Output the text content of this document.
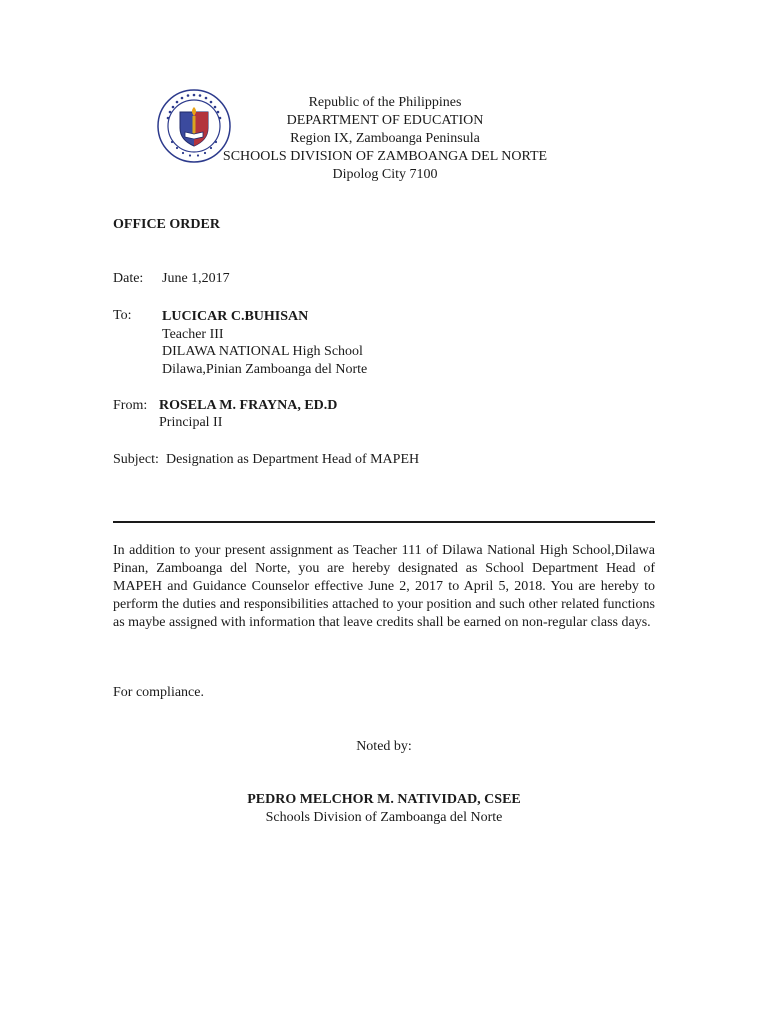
Republic of the Philippines
DEPARTMENT OF EDUCATION
Region IX, Zamboanga Peninsula
SCHOOLS DIVISION OF ZAMBOANGA DEL NORTE
Dipolog City 7100
OFFICE ORDER
Date: June 1,2017
To:	LUCICAR C.BUHISAN
Teacher III
DILAWA NATIONAL High School
Dilawa,Pinian Zamboanga del Norte
From: ROSELA M. FRAYNA, ED.D
Principal II
Subject: Designation as Department Head of MAPEH
In addition to your present assignment as Teacher 111 of Dilawa National High School,Dilawa Pinan, Zamboanga del Norte, you are hereby designated as School Department Head of MAPEH and Guidance Counselor effective June 2, 2017 to April 5, 2018. You are hereby to perform the duties and responsibilities attached to your position and such other related functions as maybe assigned with information that leave credits shall be earned on non-regular class days.
For compliance.
Noted by:
PEDRO MELCHOR M. NATIVIDAD, CSEE
Schools Division of Zamboanga del Norte
